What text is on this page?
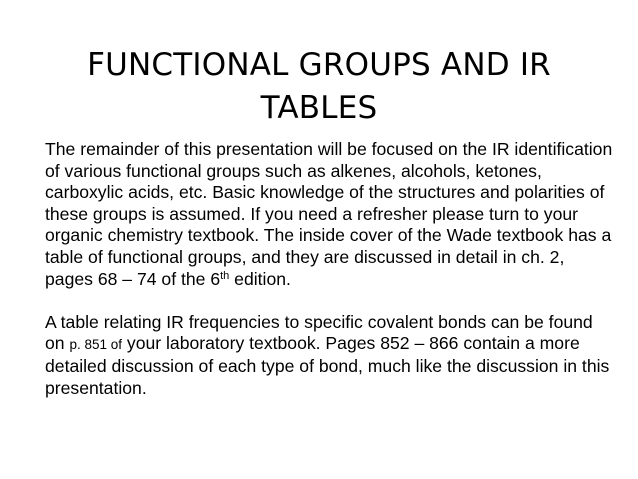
FUNCTIONAL GROUPS AND IR
TABLES

The remainder of this presentation will be focused on the IR identification of various functional groups such as alkenes, alcohols, ketones, carboxylic acids, etc. Basic knowledge of the structures and polarities of these groups is assumed. If you need a refresher please turn to your organic chemistry textbook. The inside cover of the Wade textbook has a table of functional groups, and they are discussed in detail in ch. 2, pages 68 – 74 of the 6th edition.

A table relating IR frequencies to specific covalent bonds can be found on p. 851 of your laboratory textbook. Pages 852 – 866 contain a more detailed discussion of each type of bond, much like the discussion in this presentation.
